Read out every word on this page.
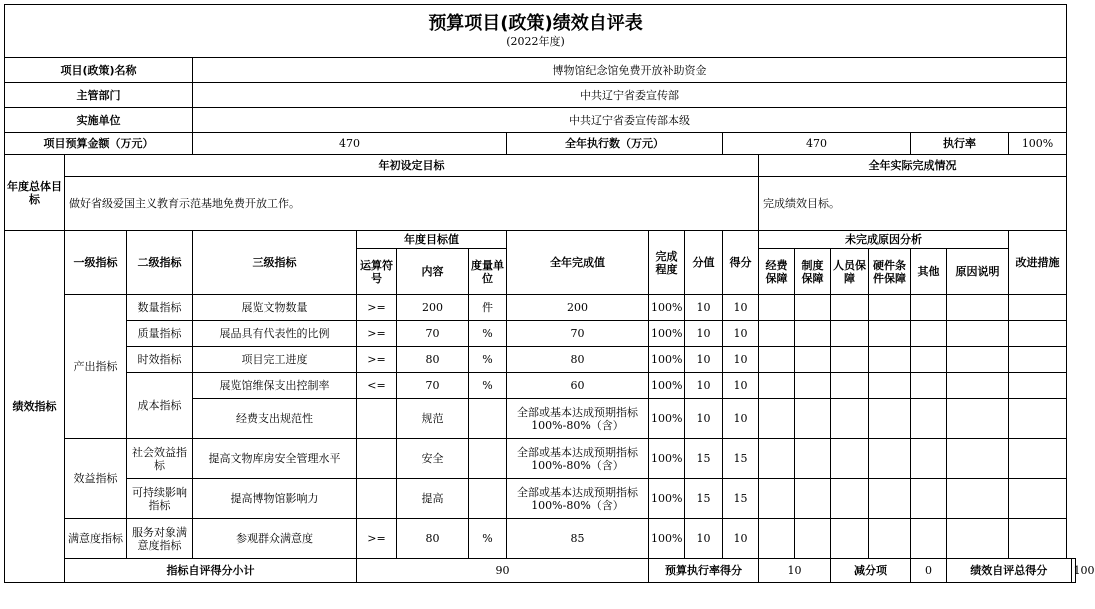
预算项目(政策)绩效自评表
(2022年度)																		

项目(政策)名称			博物馆纪念馆免费开放补助资金															
主管部门			中共辽宁省委宣传部															
实施单位			中共辽宁省委宣传部本级															
项目预算金额（万元）			470				全年执行数（万元）			470					执行率		100%	
年度总体目标	年初设定目标										全年实际完成情况							
	做好省级爱国主义教育示范基地免费开放工作。										完成绩效目标。							
绩效指标	一级指标	二级指标	三级指标	年度目标值			全年完成值	完成程度	分值	得分	未完成原因分析						改进措施	
				运算符号	内容	度量单位					经费保障	制度保障	人员保障	硬件条件保障	其他	原因说明		
	产出指标	数量指标	展览文物数量	>=	200	件	200	100%	10	10								
		质量指标	展品具有代表性的比例	>=	70	%	70	100%	10	10								
		时效指标	项目完工进度	>=	80	%	80	100%	10	10								
		成本指标	展览馆维保支出控制率	<=	70	%	60	100%	10	10								
			经费支出规范性		规范		全部或基本达成预期指标100%-80%（含）	100%	10	10								

	效益指标	社会效益指标	提高文物库房安全管理水平		安全		全部或基本达成预期指标100%-80%（含）	100%	15	15								

		可持续影响指标	提高博物馆影响力		提高		全部或基本达成预期指标100%-80%（含）	100%	15	15								

	满意度指标	服务对象满意度指标	参观群众满意度	>=	80	%	85	100%	10	10								

	指标自评得分小计			90				预算执行率得分			10		减分项		0	绩效自评总得分		100
